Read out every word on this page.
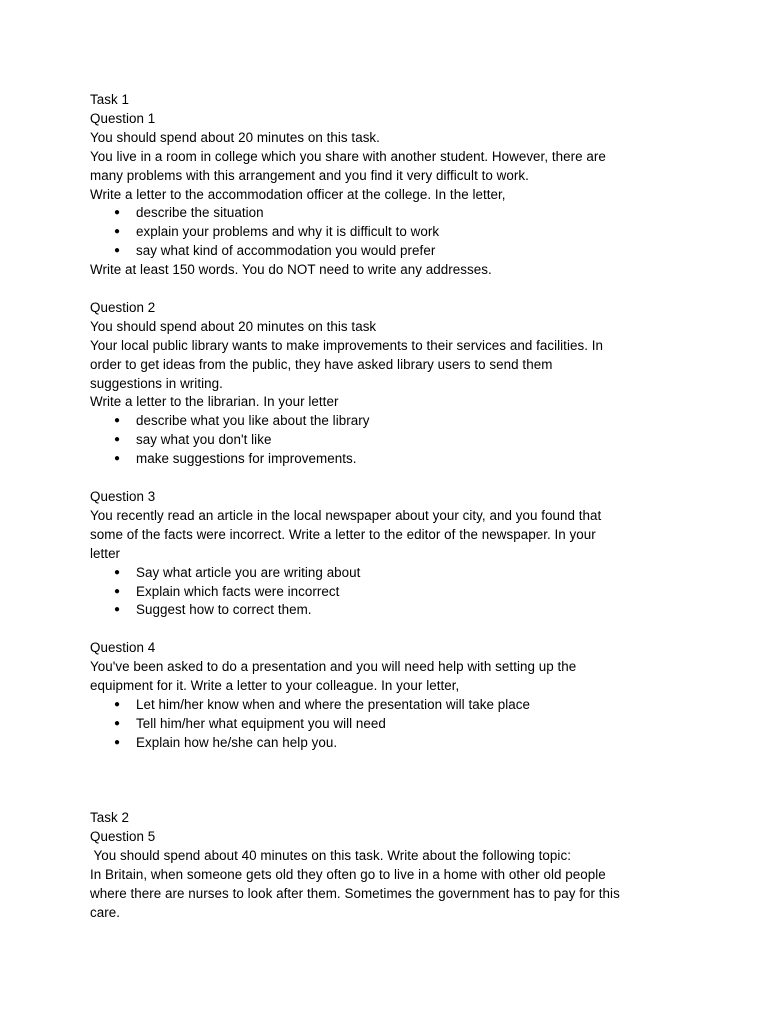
Task 1
Question 1
You should spend about 20 minutes on this task.
You live in a room in college which you share with another student. However, there are
many problems with this arrangement and you find it very difficult to work.
Write a letter to the accommodation officer at the college. In the letter,
● describe the situation
● explain your problems and why it is difficult to work
● say what kind of accommodation you would prefer
Write at least 150 words. You do NOT need to write any addresses.
Question 2
You should spend about 20 minutes on this task
Your local public library wants to make improvements to their services and facilities. In
order to get ideas from the public, they have asked library users to send them
suggestions in writing.
Write a letter to the librarian. In your letter
● describe what you like about the library
● say what you don't like
● make suggestions for improvements.
Question 3
You recently read an article in the local newspaper about your city, and you found that
some of the facts were incorrect. Write a letter to the editor of the newspaper. In your
letter
● Say what article you are writing about
● Explain which facts were incorrect
● Suggest how to correct them.
Question 4
You've been asked to do a presentation and you will need help with setting up the
equipment for it. Write a letter to your colleague. In your letter,
● Let him/her know when and where the presentation will take place
● Tell him/her what equipment you will need
● Explain how he/she can help you.
Task 2
Question 5
You should spend about 40 minutes on this task. Write about the following topic:
In Britain, when someone gets old they often go to live in a home with other old people
where there are nurses to look after them. Sometimes the government has to pay for this
care.
